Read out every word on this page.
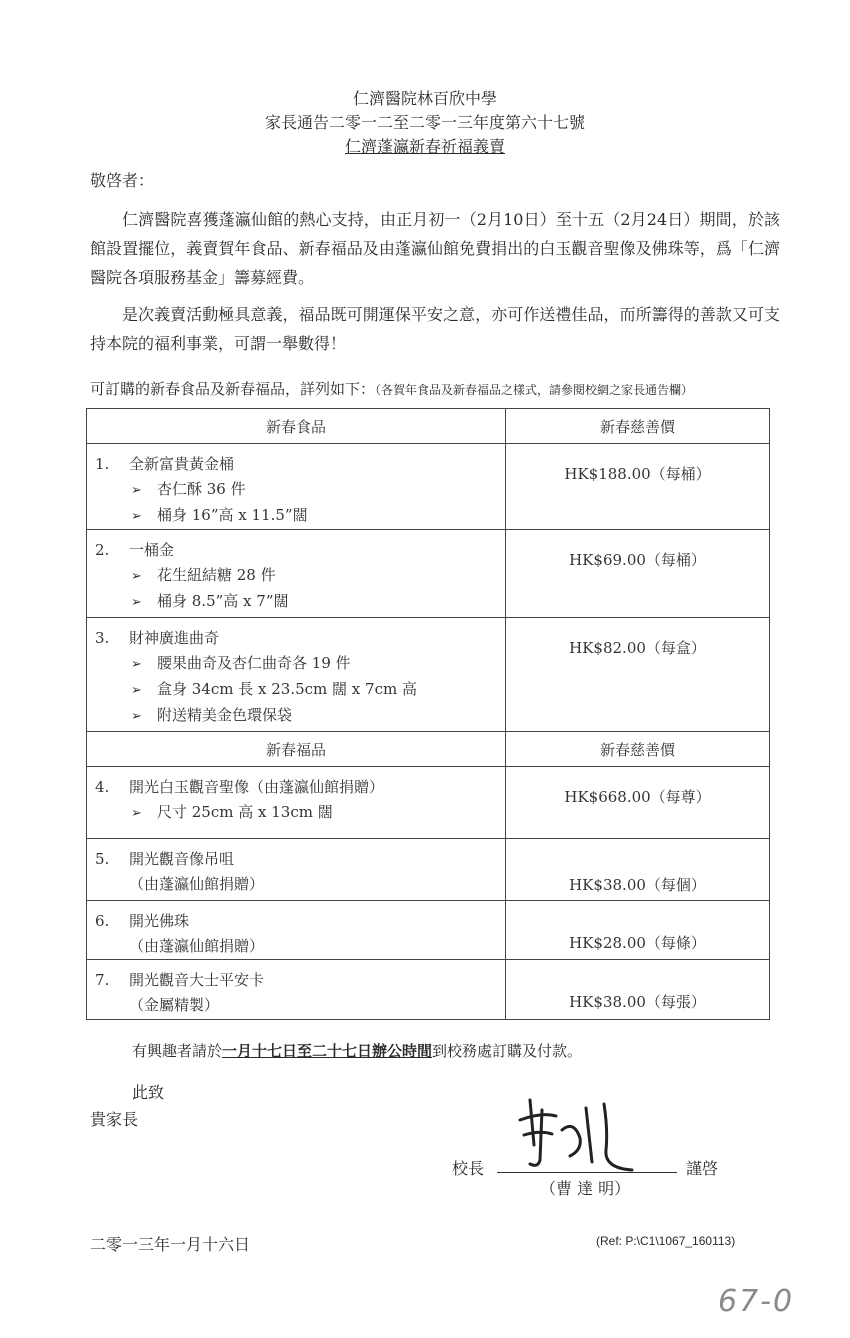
仁濟醫院林百欣中學
家長通告二零一二至二零一三年度第六十七號
仁濟蓬瀛新春祈福義賣
敬啓者：
仁濟醫院喜獲蓬瀛仙館的熱心支持，由正月初一（2月10日）至十五（2月24日）期間，於該館設置擺位，義賣賀年食品、新春福品及由蓬瀛仙館免費捐出的白玉觀音聖像及佛珠等，爲「仁濟醫院各項服務基金」籌募經費。
是次義賣活動極具意義，福品既可開運保平安之意，亦可作送禮佳品，而所籌得的善款又可支持本院的福利事業，可謂一舉數得！
可訂購的新春食品及新春福品，詳列如下：（各賀年食品及新春福品之樣式，請參閱校網之家長通告欄）
新春食品	新春慈善價

1. 全新富貴黃金桶
➢ 杏仁酥 36 件
➢ 桶身 16”高 x 11.5”闊	HK$188.00（每桶）

2. 一桶金
➢ 花生紐結糖 28 件
➢ 桶身 8.5”高 x 7”闊	HK$69.00（每桶）

3. 財神廣進曲奇
➢ 腰果曲奇及杏仁曲奇各 19 件
➢ 盒身 34cm 長 x 23.5cm 闊 x 7cm 高
➢ 附送精美金色環保袋	HK$82.00（每盒）

新春福品	新春慈善價

4. 開光白玉觀音聖像（由蓬瀛仙館捐贈）
➢ 尺寸 25cm 高 x 13cm 闊	HK$668.00（每尊）

5. 開光觀音像吊咀
（由蓬瀛仙館捐贈）	HK$38.00（每個）

6. 開光佛珠
（由蓬瀛仙館捐贈）	HK$28.00（每條）

7. 開光觀音大士平安卡
（金屬精製）	HK$38.00（每張）
有興趣者請於一月十七日至二十七日辦公時間到校務處訂購及付款。
此致
貴家長
校長	謹啓
（曹 達 明）
二零一三年一月十六日	(Ref: P:\C1\1067_160113)
67-0
